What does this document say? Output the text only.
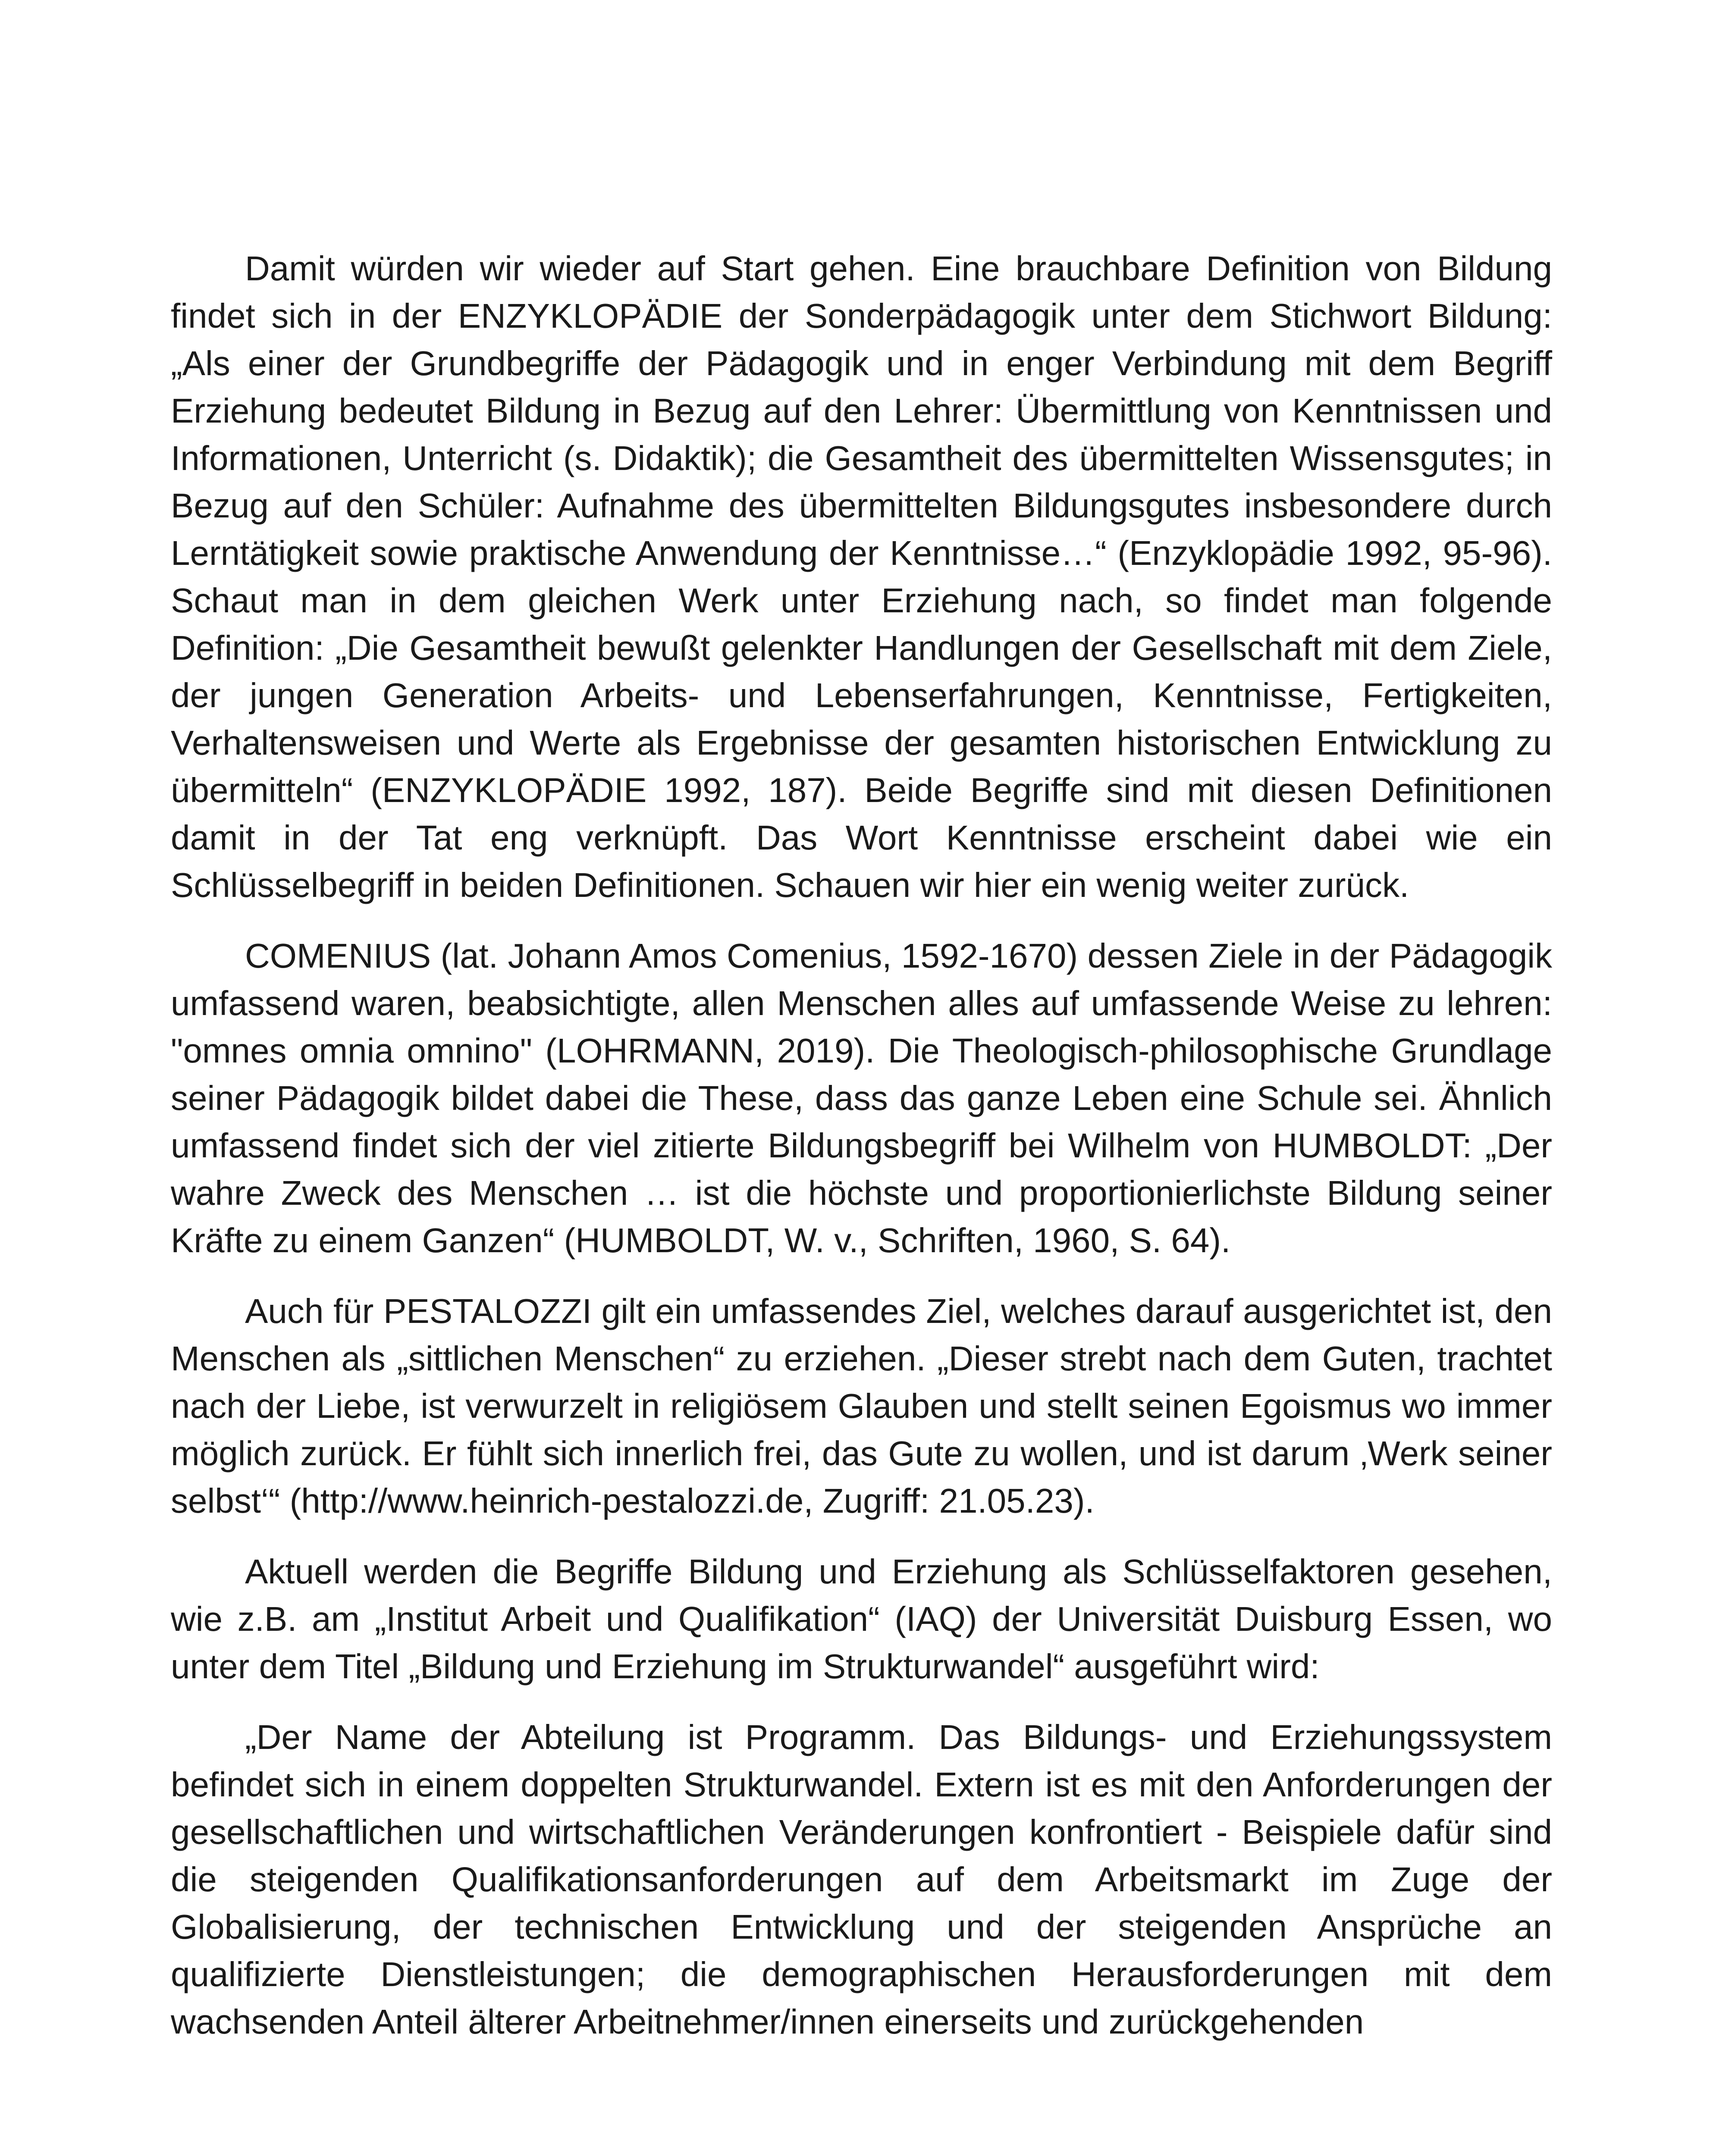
Damit würden wir wieder auf Start gehen. Eine brauchbare Definition von Bildung findet sich in der ENZYKLOPÄDIE der Sonderpädagogik unter dem Stichwort Bildung: „Als einer der Grundbegriffe der Pädagogik und in enger Verbindung mit dem Begriff Erziehung bedeutet Bildung in Bezug auf den Lehrer: Übermittlung von Kenntnissen und Informationen, Unterricht (s. Didaktik); die Gesamtheit des übermittelten Wissensgutes; in Bezug auf den Schüler: Aufnahme des übermittelten Bildungsgutes insbesondere durch Lerntätigkeit sowie praktische Anwendung der Kenntnisse…“ (Enzyklopädie 1992, 95-96). Schaut man in dem gleichen Werk unter Erziehung nach, so findet man folgende Definition: „Die Gesamtheit bewußt gelenkter Handlungen der Gesellschaft mit dem Ziele, der jungen Generation Arbeits- und Lebenserfahrungen, Kenntnisse, Fertigkeiten, Verhaltensweisen und Werte als Ergebnisse der gesamten historischen Entwicklung zu übermitteln“ (ENZYKLOPÄDIE 1992, 187). Beide Begriffe sind mit diesen Definitionen damit in der Tat eng verknüpft. Das Wort Kenntnisse erscheint dabei wie ein Schlüsselbegriff in beiden Definitionen. Schauen wir hier ein wenig weiter zurück.

COMENIUS (lat. Johann Amos Comenius, 1592-1670) dessen Ziele in der Pädagogik umfassend waren, beabsichtigte, allen Menschen alles auf umfassende Weise zu lehren: "omnes omnia omnino" (LOHRMANN, 2019). Die Theologisch-philosophische Grundlage seiner Pädagogik bildet dabei die These, dass das ganze Leben eine Schule sei. Ähnlich umfassend findet sich der viel zitierte Bildungsbegriff bei Wilhelm von HUMBOLDT: „Der wahre Zweck des Menschen … ist die höchste und proportionierlichste Bildung seiner Kräfte zu einem Ganzen“ (HUMBOLDT, W. v., Schriften, 1960, S. 64).

Auch für PESTALOZZI gilt ein umfassendes Ziel, welches darauf ausgerichtet ist, den Menschen als „sittlichen Menschen“ zu erziehen. „Dieser strebt nach dem Guten, trachtet nach der Liebe, ist verwurzelt in religiösem Glauben und stellt seinen Egoismus wo immer möglich zurück. Er fühlt sich innerlich frei, das Gute zu wollen, und ist darum ‚Werk seiner selbst‘“ (http://www.heinrich-pestalozzi.de, Zugriff: 21.05.23).

Aktuell werden die Begriffe Bildung und Erziehung als Schlüsselfaktoren gesehen, wie z.B. am „Institut Arbeit und Qualifikation“ (IAQ) der Universität Duisburg Essen, wo unter dem Titel „Bildung und Erziehung im Strukturwandel“ ausgeführt wird:

„Der Name der Abteilung ist Programm. Das Bildungs- und Erziehungssystem befindet sich in einem doppelten Strukturwandel. Extern ist es mit den Anforderungen der gesellschaftlichen und wirtschaftlichen Veränderungen konfrontiert - Beispiele dafür sind die steigenden Qualifikationsanforderungen auf dem Arbeitsmarkt im Zuge der Globalisierung, der technischen Entwicklung und der steigenden Ansprüche an qualifizierte Dienstleistungen; die demographischen Herausforderungen mit dem wachsenden Anteil älterer Arbeitnehmer/innen einerseits und zurückgehenden
